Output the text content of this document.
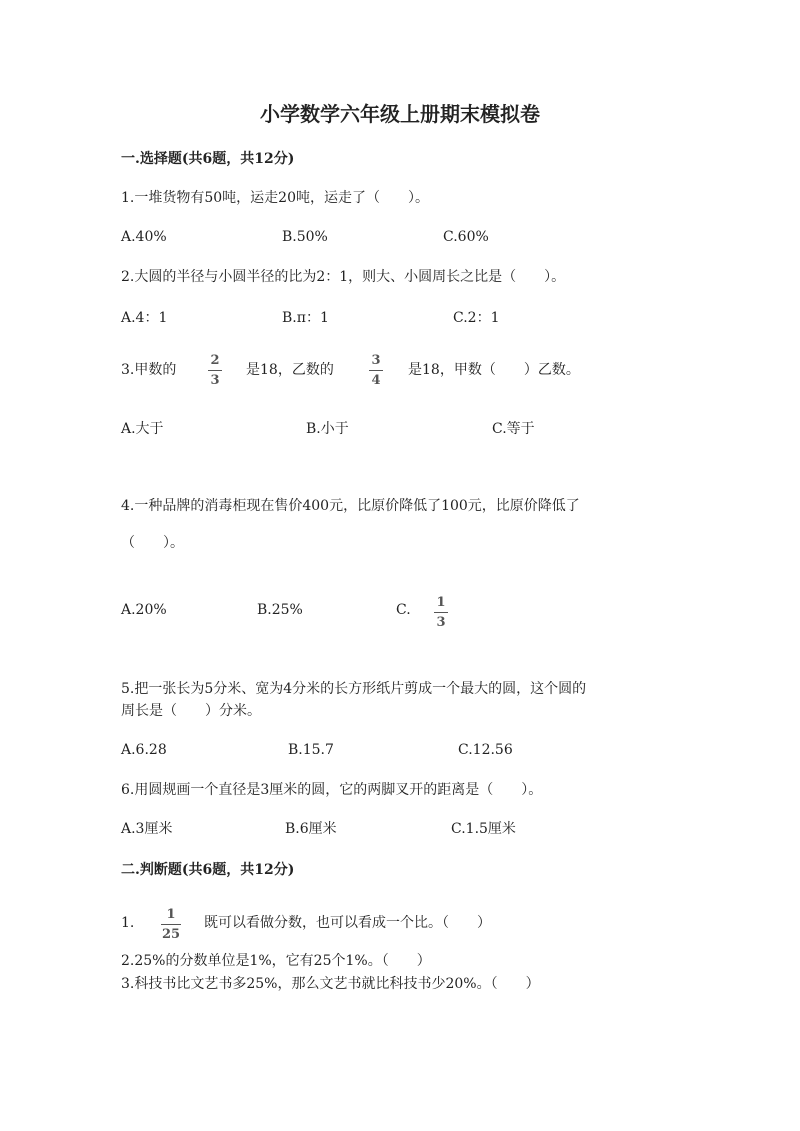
小学数学六年级上册期末模拟卷
一.选择题(共6题，共12分)
1.一堆货物有50吨，运走20吨，运走了（　　）。
A.40%	B.50%	C.60%
2.大圆的半径与小圆半径的比为2：1，则大、小圆周长之比是（　　）。
A.4：1	B.π：1	C.2：1
3.甲数的
2
3
是18，乙数的
3
4
是18，甲数（　　）乙数。
A.大于	B.小于	C.等于
4.一种品牌的消毒柜现在售价400元，比原价降低了100元，比原价降低了
（　　）。
A.20%	B.25%	C. 1
3
5.把一张长为5分米、宽为4分米的长方形纸片剪成一个最大的圆，这个圆的
周长是（　　）分米。
A.6.28	B.15.7	C.12.56
6.用圆规画一个直径是3厘米的圆，它的两脚叉开的距离是（　　）。
A.3厘米	B.6厘米	C.1.5厘米
二.判断题(共6题，共12分)
1.
1
25
既可以看做分数，也可以看成一个比。（　　）
2.25%的分数单位是1%，它有25个1%。（　　）
3.科技书比文艺书多25%，那么文艺书就比科技书少20%。（　　）
